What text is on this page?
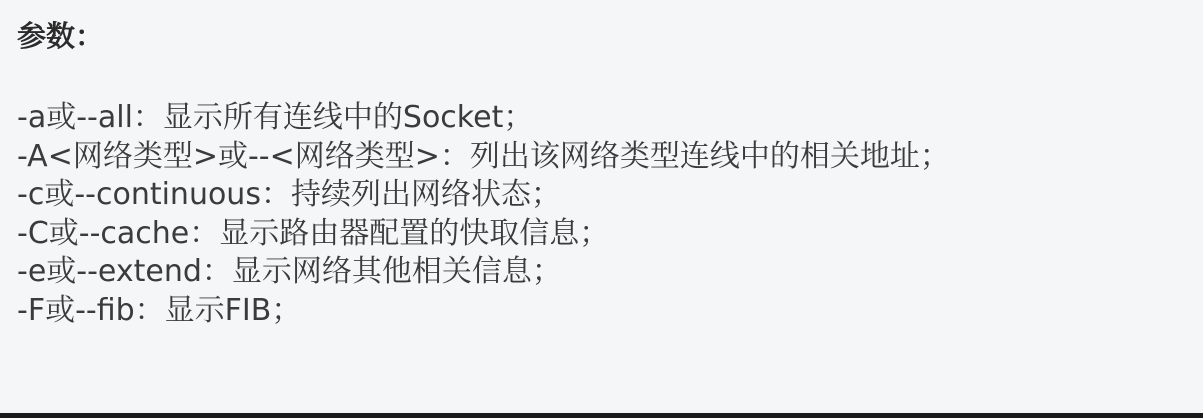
参数：
-a或--all：显示所有连线中的Socket；
-A<网络类型>或--<网络类型>：列出该网络类型连线中的相关地址；
-c或--continuous：持续列出网络状态；
-C或--cache：显示路由器配置的快取信息；
-e或--extend：显示网络其他相关信息；
-F或--fib：显示FIB；
